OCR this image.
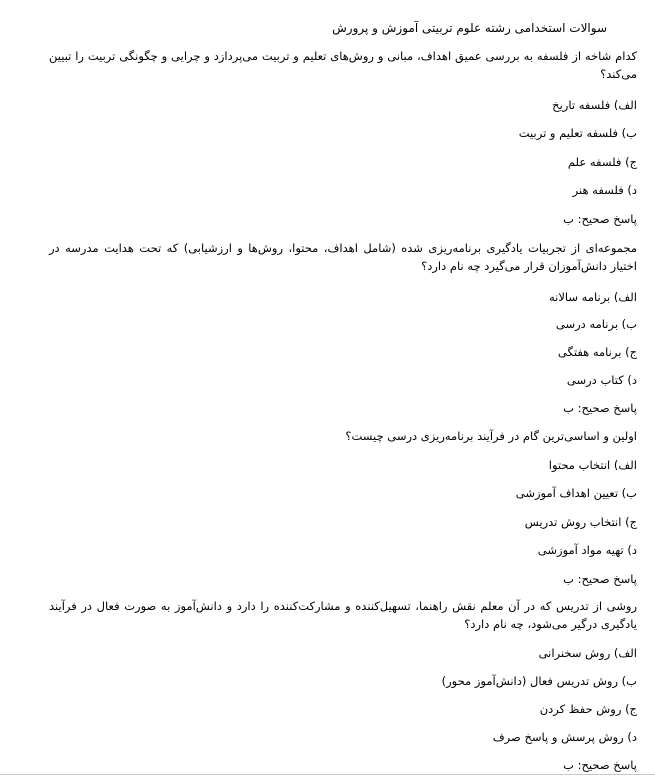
سوالات استخدامی رشته علوم تربیتی آموزش و پرورش
کدام شاخه از فلسفه به بررسی عمیق اهداف، مبانی و روش‌های تعلیم و تربیت می‌پردازد و چرایی و چگونگی تربیت را تبیین می‌کند؟
الف) فلسفه تاریخ
ب) فلسفه تعلیم و تربیت
ج) فلسفه علم
د) فلسفه هنر
پاسخ صحیح: ب
مجموعه‌ای از تجربیات یادگیری برنامه‌ریزی شده (شامل اهداف، محتوا، روش‌ها و ارزشیابی) که تحت هدایت مدرسه در اختیار دانش‌آموزان قرار می‌گیرد چه نام دارد؟
الف) برنامه سالانه
ب) برنامه درسی
ج) برنامه هفتگی
د) کتاب درسی
پاسخ صحیح: ب
اولین و اساسی‌ترین گام در فرآیند برنامه‌ریزی درسی چیست؟
الف) انتخاب محتوا
ب) تعیین اهداف آموزشی
ج) انتخاب روش تدریس
د) تهیه مواد آموزشی
پاسخ صحیح: ب
روشی از تدریس که در آن معلم نقش راهنما، تسهیل‌کننده و مشارکت‌کننده را دارد و دانش‌آموز به صورت فعال در فرآیند یادگیری درگیر می‌شود، چه نام دارد؟
الف) روش سخنرانی
ب) روش تدریس فعال (دانش‌آموز محور)
ج) روش حفظ کردن
د) روش پرسش و پاسخ صرف
پاسخ صحیح: ب
